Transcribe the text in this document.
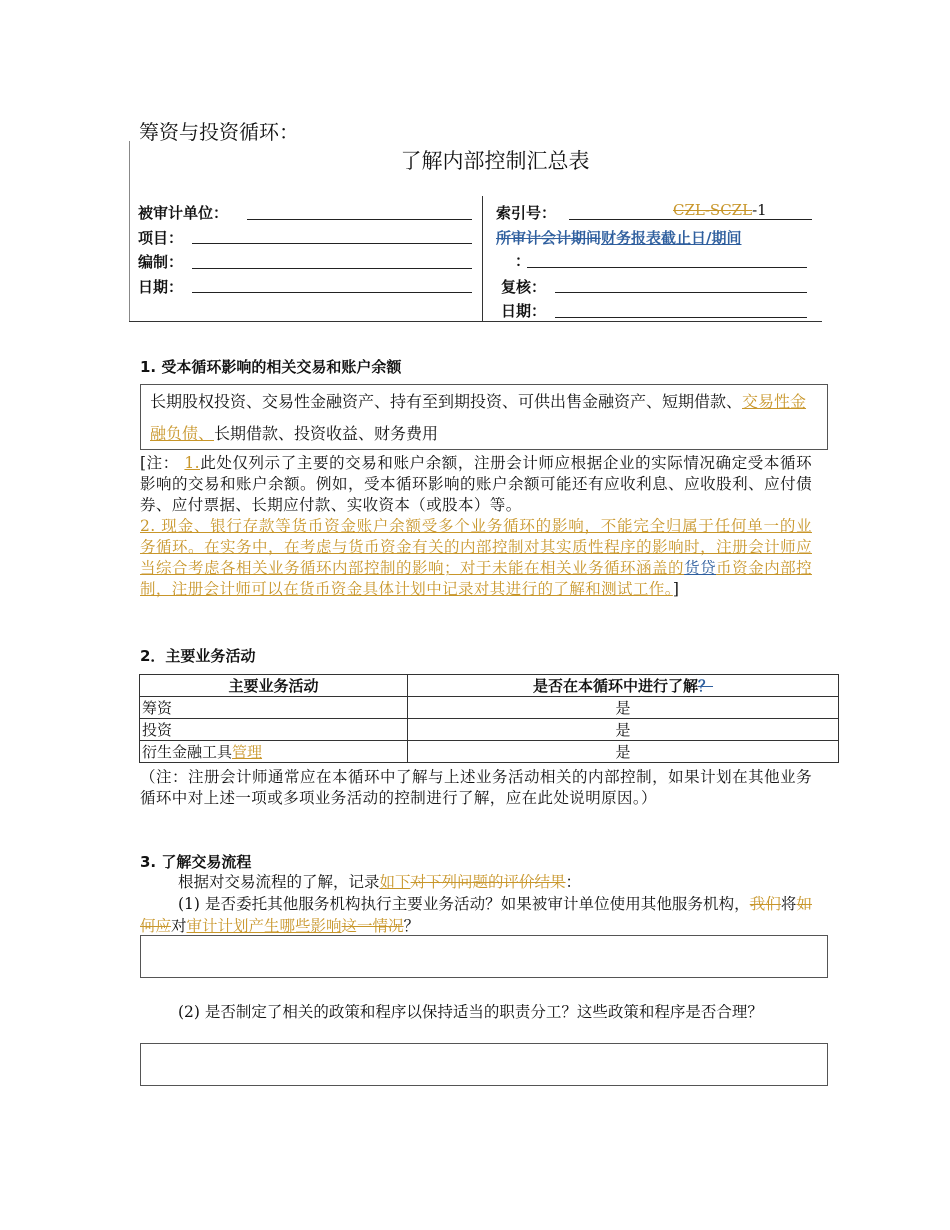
筹资与投资循环：
了解内部控制汇总表
被审计单位：
项目：
编制：
日期：
索引号：	CZL-SCZL-1
所审计会计期间财务报表截止日/期间
：
复核：
日期：
1. 受本循环影响的相关交易和账户余额
长期股权投资、交易性金融资产、持有至到期投资、可供出售金融资产、短期借款、交易性金融负债、长期借款、投资收益、财务费用
[注： 1.此处仅列示了主要的交易和账户余额，注册会计师应根据企业的实际情况确定受本循环影响的交易和账户余额。例如，受本循环影响的账户余额可能还有应收利息、应收股利、应付债券、应付票据、长期应付款、实收资本（或股本）等。
2. 现金、银行存款等货币资金账户余额受多个业务循环的影响，不能完全归属于任何单一的业务循环。在实务中，在考虑与货币资金有关的内部控制对其实质性程序的影响时，注册会计师应当综合考虑各相关业务循环内部控制的影响；对于未能在相关业务循环涵盖的货贷币资金内部控制，注册会计师可以在货币资金具体计划中记录对其进行的了解和测试工作。]
2．主要业务活动
主要业务活动	是否在本循环中进行了解？
筹资	是
投资	是
衍生金融工具管理	是
（注：注册会计师通常应在本循环中了解与上述业务活动相关的内部控制，如果计划在其他业务循环中对上述一项或多项业务活动的控制进行了解，应在此处说明原因。）
3. 了解交易流程
根据对交易流程的了解，记录如下对下列问题的评价结果：
(1) 是否委托其他服务机构执行主要业务活动？如果被审计单位使用其他服务机构，我们将如何应对审计计划产生哪些影响这一情况？
(2) 是否制定了相关的政策和程序以保持适当的职责分工？这些政策和程序是否合理？
